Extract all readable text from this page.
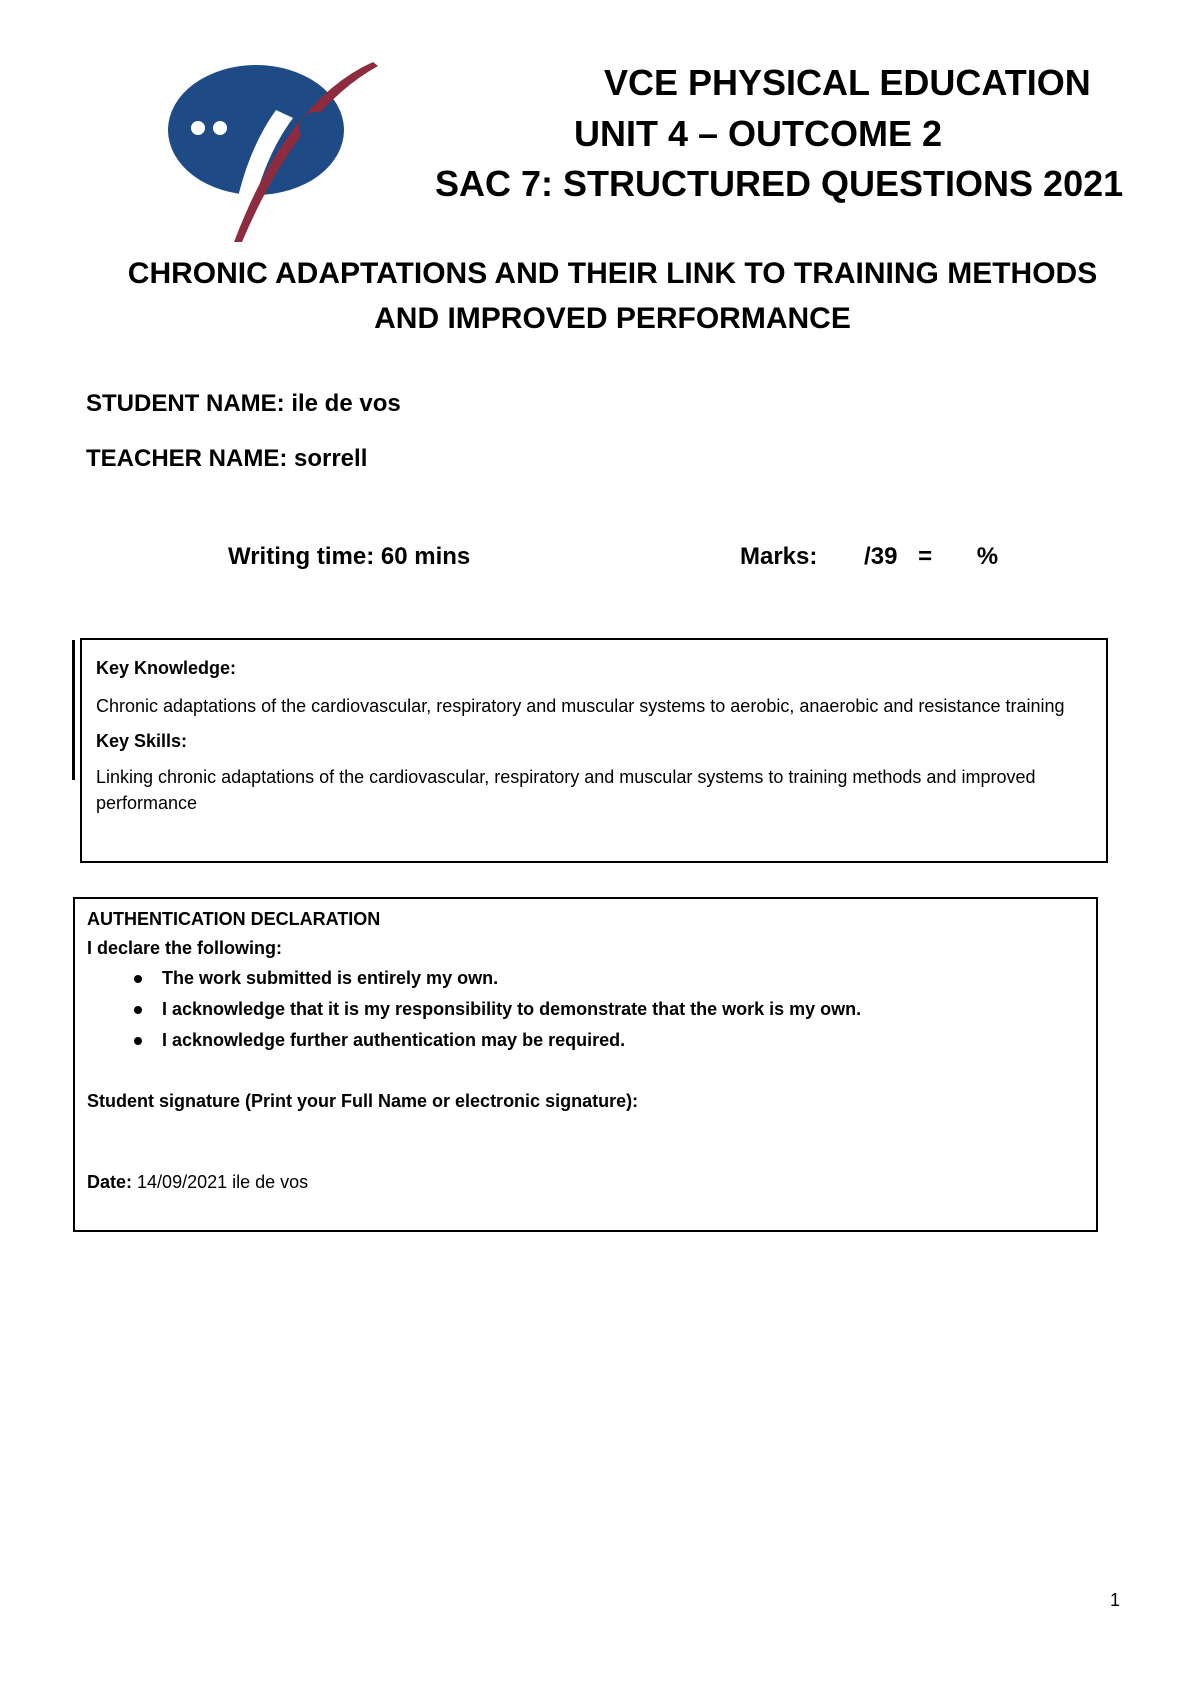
VCE PHYSICAL EDUCATION
UNIT 4 – OUTCOME 2
SAC 7: STRUCTURED QUESTIONS 2021
CHRONIC ADAPTATIONS AND THEIR LINK TO TRAINING METHODS
AND IMPROVED PERFORMANCE
STUDENT NAME: ile de vos
TEACHER NAME: sorrell
Writing time: 60 mins	Marks: /39 = %

Key Knowledge:

Chronic adaptations of the cardiovascular, respiratory and muscular systems to aerobic, anaerobic and resistance training

Key Skills:

Linking chronic adaptations of the cardiovascular, respiratory and muscular systems to training methods and improved performance

AUTHENTICATION DECLARATION

I declare the following:

The work submitted is entirely my own.
I acknowledge that it is my responsibility to demonstrate that the work is my own.
I acknowledge further authentication may be required.

Student signature (Print your Full Name or electronic signature):

Date: 14/09/2021 ile de vos

1
